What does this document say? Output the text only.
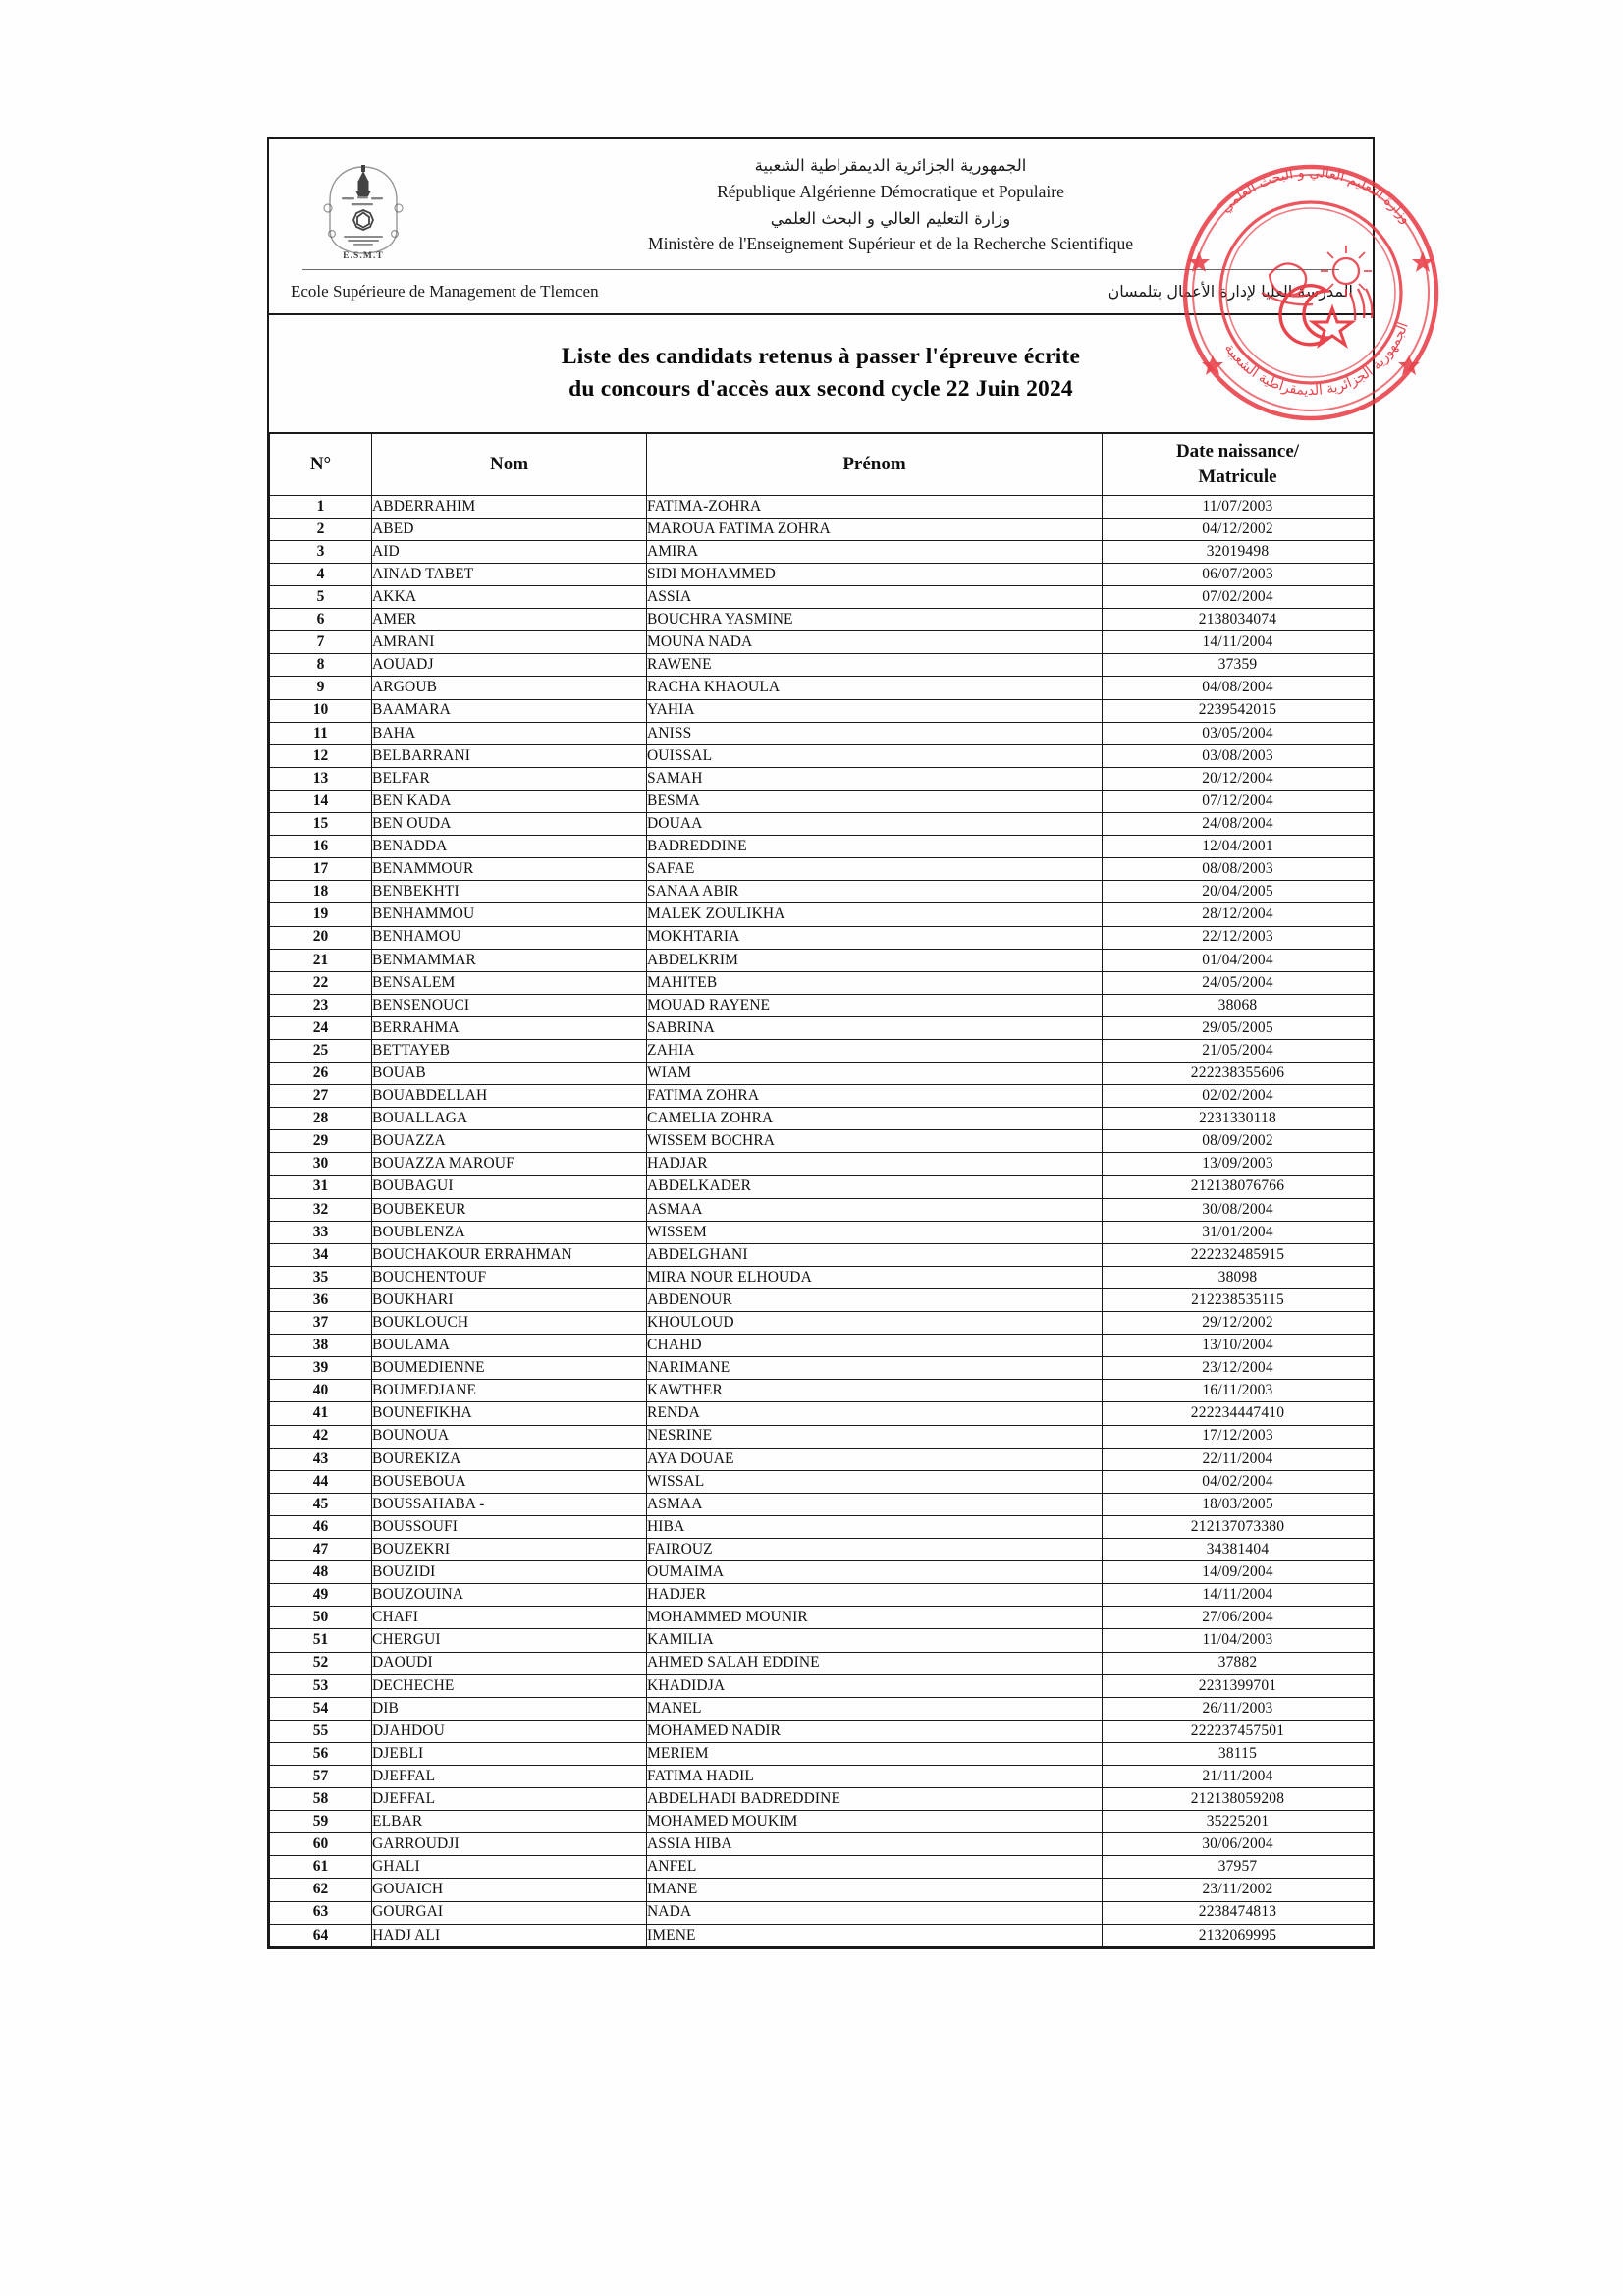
E.S.M.T
الجمهورية الجزائرية الديمقراطية الشعبية
République Algérienne Démocratique et Populaire
وزارة التعليم العالي و البحث العلمي
Ministère de l'Enseignement Supérieur et de la Recherche Scientifique
Ecole Supérieure de Management de Tlemcen	المدرسة العليا لإدارة الأعمال بتلمسان
Liste des candidats retenus à passer l'épreuve écrite
du concours d'accès aux second cycle 22 Juin 2024
N°	Nom	Prénom	Date naissance/
Matricule

1	ABDERRAHIM	FATIMA-ZOHRA	11/07/2003
2	ABED	MAROUA FATIMA ZOHRA	04/12/2002
3	AID	AMIRA	32019498
4	AINAD TABET	SIDI MOHAMMED	06/07/2003
5	AKKA	ASSIA	07/02/2004
6	AMER	BOUCHRA YASMINE	2138034074
7	AMRANI	MOUNA NADA	14/11/2004
8	AOUADJ	RAWENE	37359
9	ARGOUB	RACHA KHAOULA	04/08/2004
10	BAAMARA	YAHIA	2239542015
11	BAHA	ANISS	03/05/2004
12	BELBARRANI	OUISSAL	03/08/2003
13	BELFAR	SAMAH	20/12/2004
14	BEN KADA	BESMA	07/12/2004
15	BEN OUDA	DOUAA	24/08/2004
16	BENADDA	BADREDDINE	12/04/2001
17	BENAMMOUR	SAFAE	08/08/2003
18	BENBEKHTI	SANAA ABIR	20/04/2005
19	BENHAMMOU	MALEK ZOULIKHA	28/12/2004
20	BENHAMOU	MOKHTARIA	22/12/2003
21	BENMAMMAR	ABDELKRIM	01/04/2004
22	BENSALEM	MAHITEB	24/05/2004
23	BENSENOUCI	MOUAD RAYENE	38068
24	BERRAHMA	SABRINA	29/05/2005
25	BETTAYEB	ZAHIA	21/05/2004
26	BOUAB	WIAM	222238355606
27	BOUABDELLAH	FATIMA ZOHRA	02/02/2004
28	BOUALLAGA	CAMELIA ZOHRA	2231330118
29	BOUAZZA	WISSEM BOCHRA	08/09/2002
30	BOUAZZA MAROUF	HADJAR	13/09/2003
31	BOUBAGUI	ABDELKADER	212138076766
32	BOUBEKEUR	ASMAA	30/08/2004
33	BOUBLENZA	WISSEM	31/01/2004
34	BOUCHAKOUR ERRAHMAN	ABDELGHANI	222232485915
35	BOUCHENTOUF	MIRA NOUR ELHOUDA	38098
36	BOUKHARI	ABDENOUR	212238535115
37	BOUKLOUCH	KHOULOUD	29/12/2002
38	BOULAMA	CHAHD	13/10/2004
39	BOUMEDIENNE	NARIMANE	23/12/2004
40	BOUMEDJANE	KAWTHER	16/11/2003
41	BOUNEFIKHA	RENDA	222234447410
42	BOUNOUA	NESRINE	17/12/2003
43	BOUREKIZA	AYA DOUAE	22/11/2004
44	BOUSEBOUA	WISSAL	04/02/2004
45	BOUSSAHABA -	ASMAA	18/03/2005
46	BOUSSOUFI	HIBA	212137073380
47	BOUZEKRI	FAIROUZ	34381404
48	BOUZIDI	OUMAIMA	14/09/2004
49	BOUZOUINA	HADJER	14/11/2004
50	CHAFI	MOHAMMED MOUNIR	27/06/2004
51	CHERGUI	KAMILIA	11/04/2003
52	DAOUDI	AHMED SALAH EDDINE	37882
53	DECHECHE	KHADIDJA	2231399701
54	DIB	MANEL	26/11/2003
55	DJAHDOU	MOHAMED NADIR	222237457501
56	DJEBLI	MERIEM	38115
57	DJEFFAL	FATIMA HADIL	21/11/2004
58	DJEFFAL	ABDELHADI BADREDDINE	212138059208
59	ELBAR	MOHAMED MOUKIM	35225201
60	GARROUDJI	ASSIA HIBA	30/06/2004
61	GHALI	ANFEL	37957
62	GOUAICH	IMANE	23/11/2002
63	GOURGAI	NADA	2238474813
64	HADJ ALI	IMENE	2132069995
وزارة التعليم العالي و البحث العلمي
الجمهورية الجزائرية الديمقراطية الشعبية
